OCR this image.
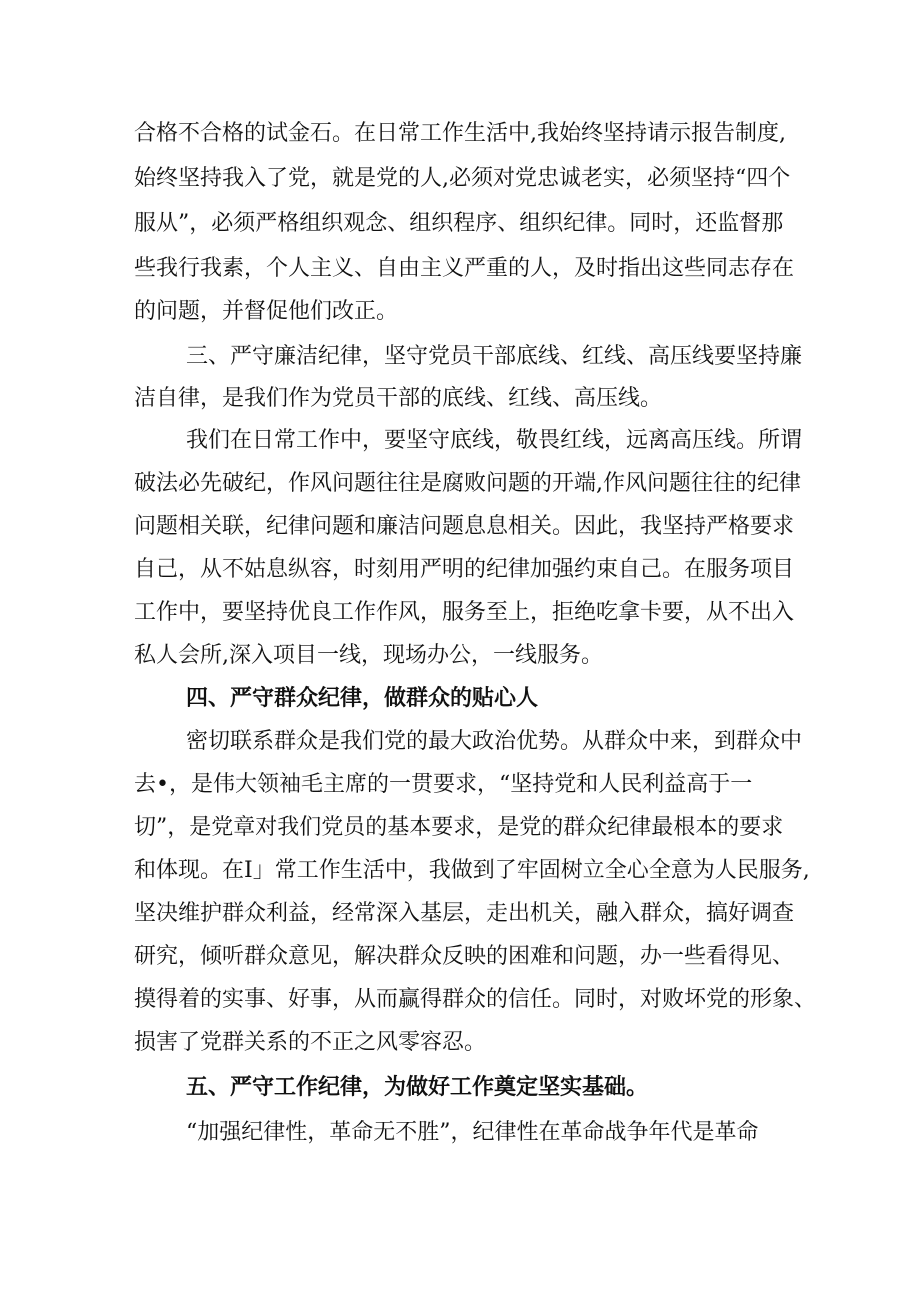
合格不合格的试金石。在日常工作生活中,我始终坚持请示报告制度,
始终坚持我入了党，就是党的人,必须对党忠诚老实，必须坚持“四个
服从”，必须严格组织观念、组织程序、组织纪律。同时，还监督那
些我行我素，个人主义、自由主义严重的人，及时指出这些同志存在
的问题，并督促他们改正。
三、严守廉洁纪律，坚守党员干部底线、红线、高压线要坚持廉
洁自律，是我们作为党员干部的底线、红线、高压线。
我们在日常工作中，要坚守底线，敬畏红线，远离高压线。所谓
破法必先破纪，作风问题往往是腐败问题的开端,作风问题往往的纪律
问题相关联，纪律问题和廉洁问题息息相关。因此，我坚持严格要求
自己，从不姑息纵容，时刻用严明的纪律加强约束自己。在服务项目
工作中，要坚持优良工作作风，服务至上，拒绝吃拿卡要，从不出入
私人会所,深入项目一线，现场办公，一线服务。
四、严守群众纪律，做群众的贴心人
密切联系群众是我们党的最大政治优势。从群众中来，到群众中
去•，是伟大领袖毛主席的一贯要求，“坚持党和人民利益高于一
切”，是党章对我们党员的基本要求，是党的群众纪律最根本的要求
和体现。在I」常工作生活中，我做到了牢固树立全心全意为人民服务,
坚决维护群众利益，经常深入基层，走出机关，融入群众，搞好调查
研究，倾听群众意见，解决群众反映的困难和问题，办一些看得见、
摸得着的实事、好事，从而赢得群众的信任。同时，对败坏党的形象、
损害了党群关系的不正之风零容忍。
五、严守工作纪律，为做好工作奠定坚实基础。
“加强纪律性，革命无不胜”，纪律性在革命战争年代是革命
